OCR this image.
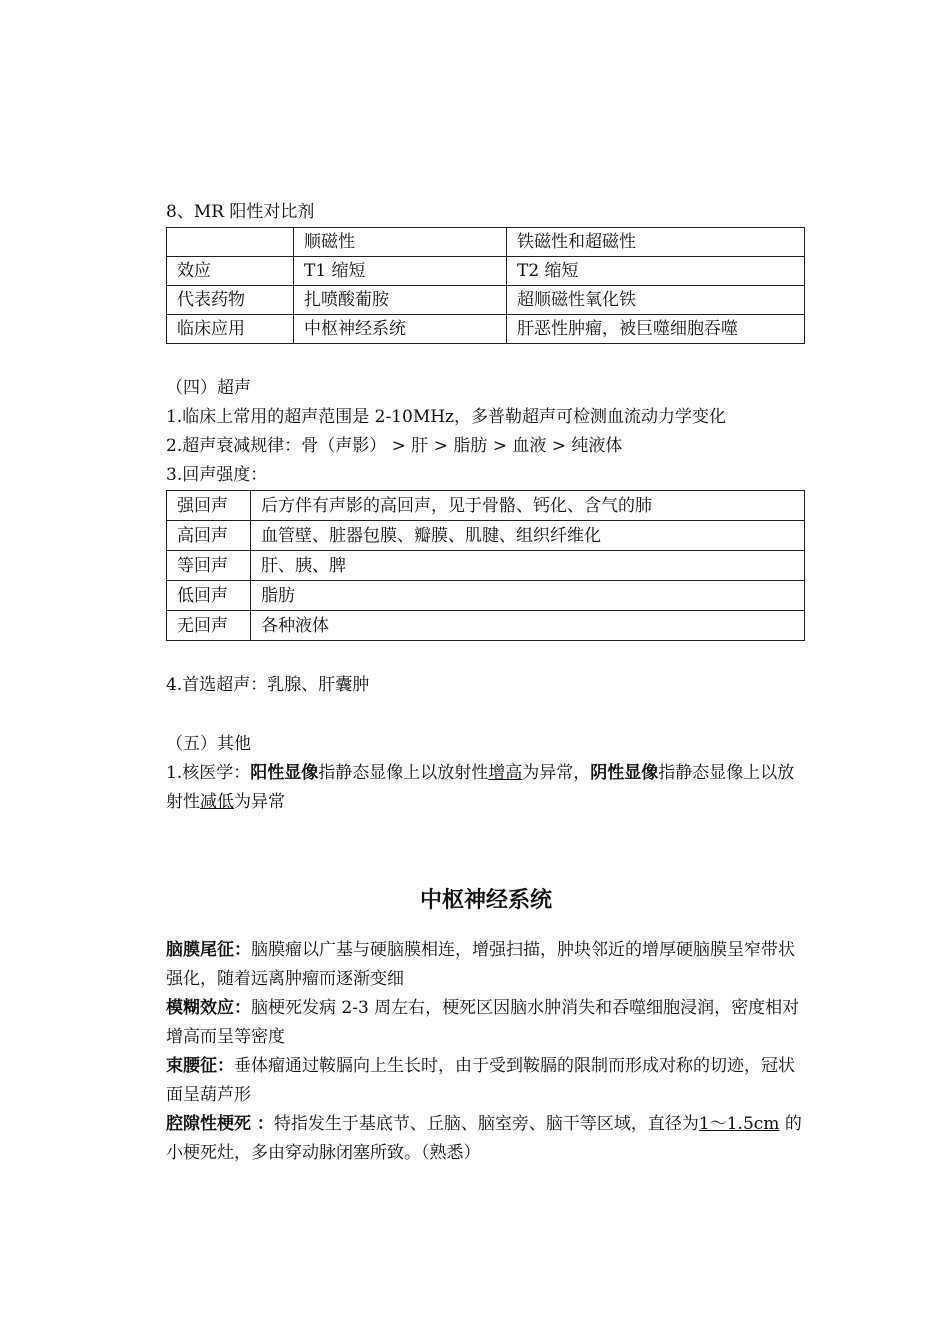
8、MR 阳性对比剂
	顺磁性	铁磁性和超磁性
效应	T1 缩短	T2 缩短
代表药物	扎喷酸葡胺	超顺磁性氧化铁
临床应用	中枢神经系统	肝恶性肿瘤，被巨噬细胞吞噬
（四）超声
1.临床上常用的超声范围是 2-10MHz，多普勒超声可检测血流动力学变化
2.超声衰减规律：骨（声影） > 肝 > 脂肪 > 血液 > 纯液体
3.回声强度：
强回声	后方伴有声影的高回声，见于骨骼、钙化、含气的肺
高回声	血管壁、脏器包膜、瓣膜、肌腱、组织纤维化
等回声	肝、胰、脾
低回声	脂肪
无回声	各种液体
4.首选超声：乳腺、肝囊肿
（五）其他
1.核医学：阳性显像指静态显像上以放射性增高为异常，阴性显像指静态显像上以放射性减低为异常
中枢神经系统
脑膜尾征：脑膜瘤以广基与硬脑膜相连，增强扫描，肿块邻近的增厚硬脑膜呈窄带状强化，随着远离肿瘤而逐渐变细
模糊效应：脑梗死发病 2-3 周左右，梗死区因脑水肿消失和吞噬细胞浸润，密度相对增高而呈等密度
束腰征：垂体瘤通过鞍膈向上生长时，由于受到鞍膈的限制而形成对称的切迹，冠状面呈葫芦形
腔隙性梗死 ：特指发生于基底节、丘脑、脑室旁、脑干等区域，直径为1～1.5cm 的小梗死灶，多由穿动脉闭塞所致。（熟悉）
